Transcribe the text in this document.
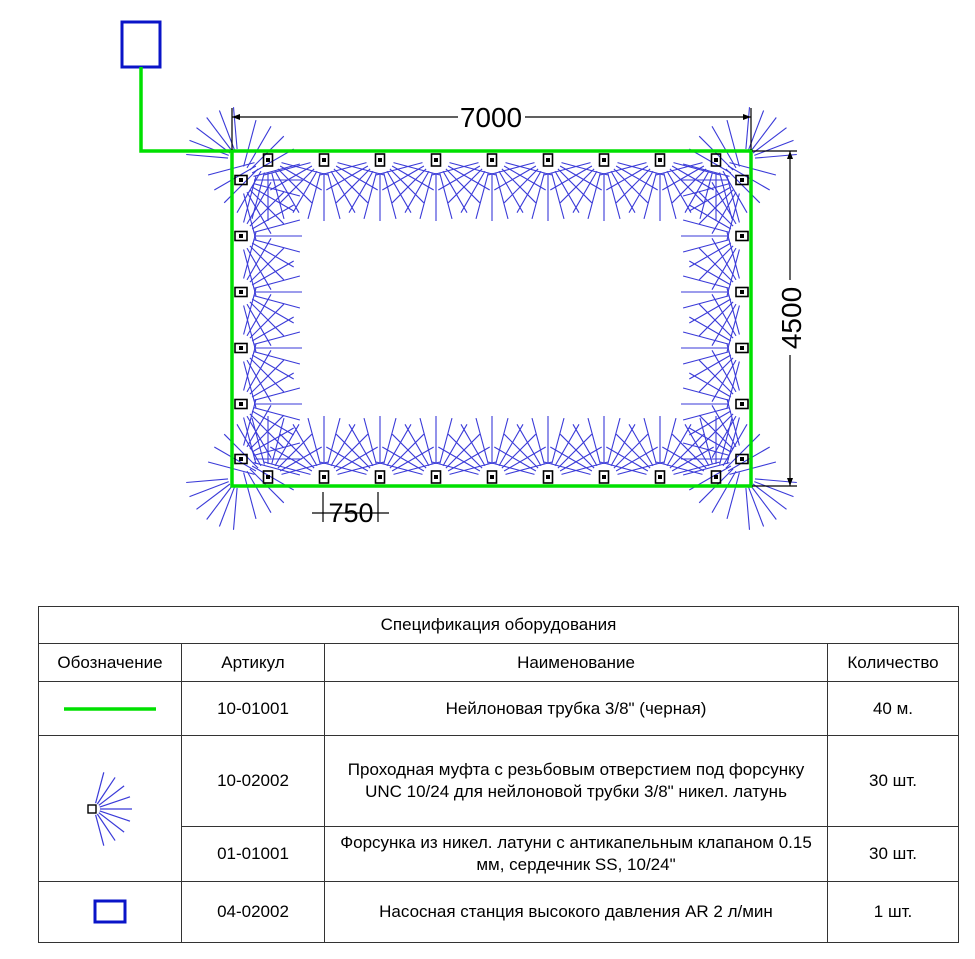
7000
4500
750
Спецификация оборудования			
Обозначение	Артикул	Наименование	Количество

	10-01001	Нейлоновая трубка 3/8" (черная)	40 м.

	10-02002	Проходная муфта с резьбовым отверстием под форсунку UNC 10/24 для нейлоновой трубки 3/8" никел. латунь	30 шт.
	01-01001	Форсунка из никел. латуни с антикапельным клапаном 0.15 мм, сердечник SS, 10/24"	30 шт.

	04-02002	Насосная станция высокого давления AR 2 л/мин	1 шт.
